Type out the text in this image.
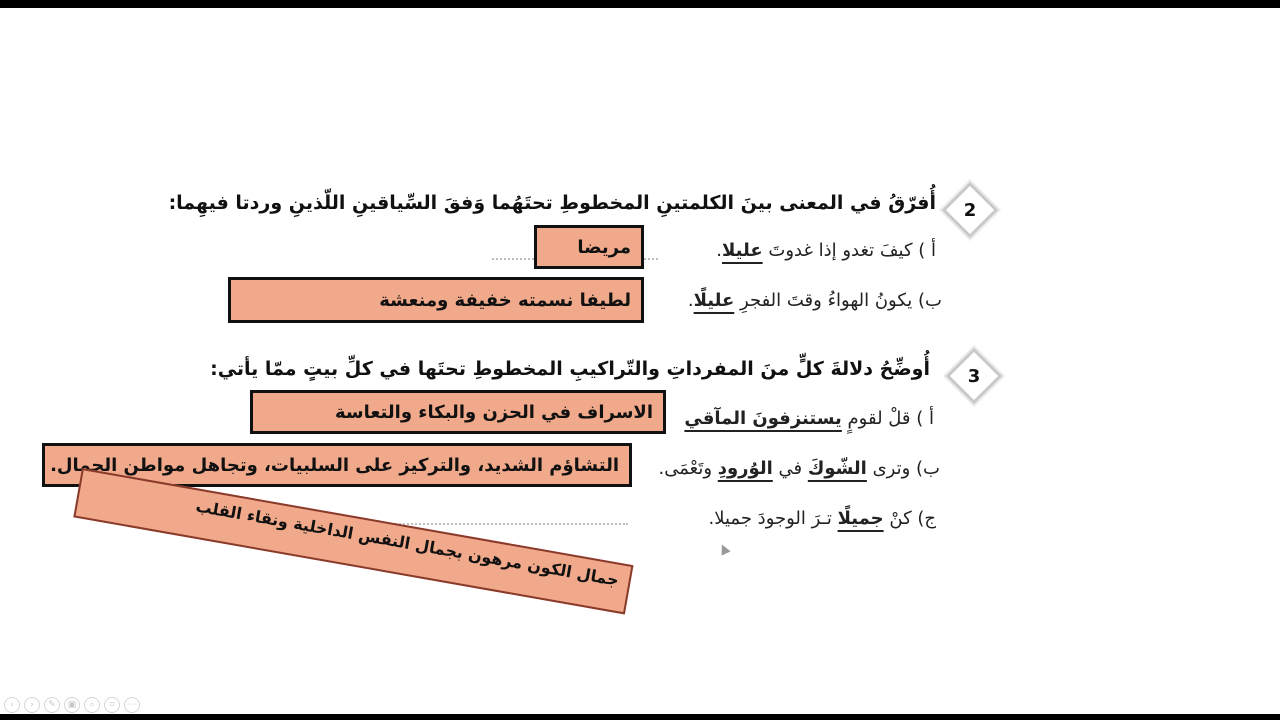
2
أُفرّقُ في المعنى بينَ الكلمتينِ المخطوطِ تحتَهُما وَفقَ السِّياقينِ اللّذينِ وردتا فيهِما:
أ ) كيفَ تغدو إذا غدوتَ عليلا.
مريضا
ب) يكونُ الهواءُ وقتَ الفجرِ عليلًا.
لطيفا نسمته خفيفة ومنعشة
3
أُوضِّحُ دلالةَ كلٍّ منَ المفرداتِ والتّراكيبِ المخطوطِ تحتَها في كلِّ بيتٍ ممّا يأتي:
أ ) قلْ لقومٍ يستنزفونَ المآقي
الاسراف في الحزن والبكاء والتعاسة
ب) وترى الشّوكَ في الوُرودِ وتَعْمَى.
التشاؤم الشديد، والتركيز على السلبيات، وتجاهل مواطن الجمال.
ج) كنْ جميلًا تـرَ الوجودَ جميلا.
جمال الكون مرهون بجمال النفس الداخلية ونقاء القلب
‹	›	✎	▣	⌕	⌗	⋯
